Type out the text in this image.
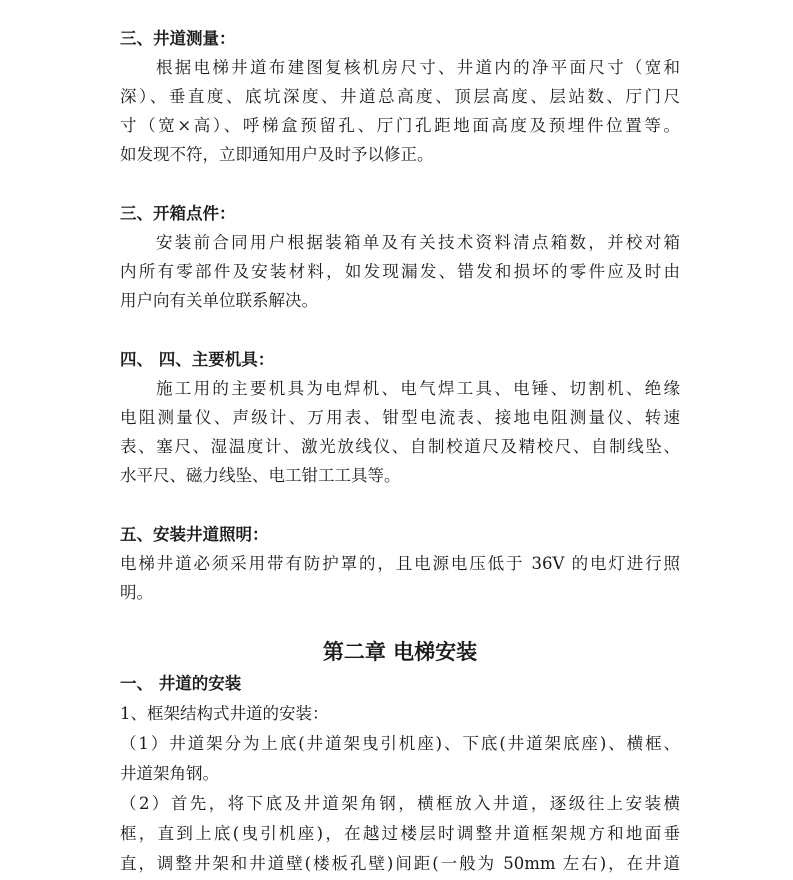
三、井道测量：
根据电梯井道布建图复核机房尺寸、井道内的净平面尺寸（宽和
深）、垂直度、底坑深度、井道总高度、顶层高度、层站数、厅门尺
寸（宽×高）、呼梯盒预留孔、厅门孔距地面高度及预埋件位置等。
如发现不符，立即通知用户及时予以修正。
三、开箱点件：
安装前合同用户根据装箱单及有关技术资料清点箱数，并校对箱
内所有零部件及安装材料，如发现漏发、错发和损坏的零件应及时由
用户向有关单位联系解决。
四、 四、主要机具：
施工用的主要机具为电焊机、电气焊工具、电锤、切割机、绝缘
电阻测量仪、声级计、万用表、钳型电流表、接地电阻测量仪、转速
表、塞尺、湿温度计、激光放线仪、自制校道尺及精校尺、自制线坠、
水平尺、磁力线坠、电工钳工工具等。
五、安装井道照明：
电梯井道必须采用带有防护罩的，且电源电压低于 36V 的电灯进行照
明。
第二章 电梯安装
一、 井道的安装
1、框架结构式井道的安装：
（1）井道架分为上底(井道架曳引机座)、下底(井道架底座)、横框、
井道架角钢。
（2）首先，将下底及井道架角钢，横框放入井道，逐级往上安装横
框，直到上底(曳引机座)，在越过楼层时调整井道框架规方和地面垂
直，调整井架和井道壁(楼板孔壁)间距(一般为 50mm 左右)，在井道
